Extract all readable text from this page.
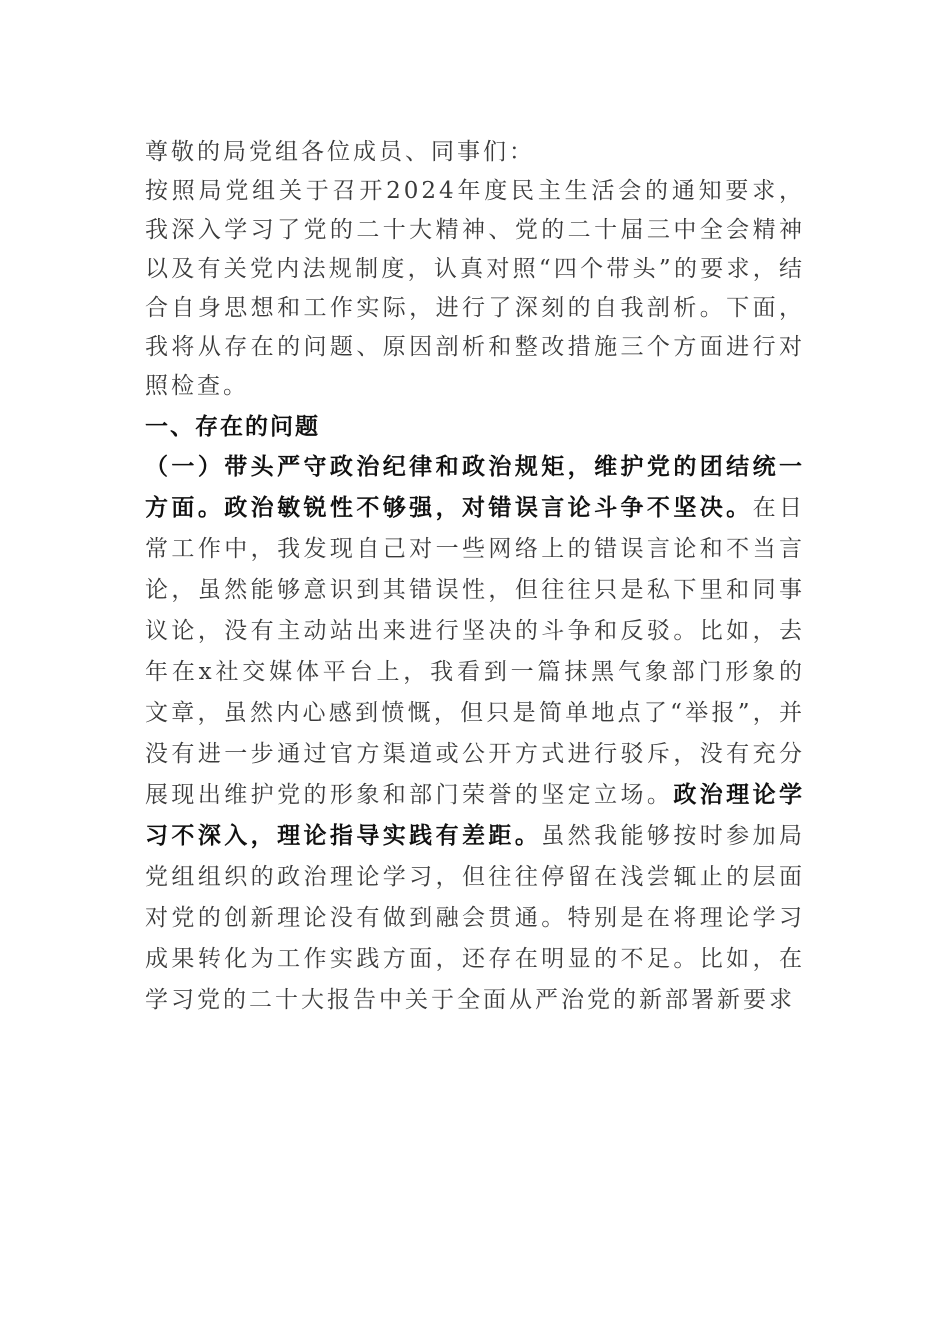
尊敬的局党组各位成员、同事们：

按照局党组关于召开2024年度民主生活会的通知要求，我深入学习了党的二十大精神、党的二十届三中全会精神以及有关党内法规制度，认真对照“四个带头”的要求，结合自身思想和工作实际，进行了深刻的自我剖析。下面，我将从存在的问题、原因剖析和整改措施三个方面进行对照检查。

一、存在的问题

（一）带头严守政治纪律和政治规矩，维护党的团结统一方面。政治敏锐性不够强，对错误言论斗争不坚决。在日常工作中，我发现自己对一些网络上的错误言论和不当言论，虽然能够意识到其错误性，但往往只是私下里和同事议论，没有主动站出来进行坚决的斗争和反驳。比如，去年在x社交媒体平台上，我看到一篇抹黑气象部门形象的文章，虽然内心感到愤慨，但只是简单地点了“举报”，并没有进一步通过官方渠道或公开方式进行驳斥，没有充分展现出维护党的形象和部门荣誉的坚定立场。政治理论学习不深入，理论指导实践有差距。虽然我能够按时参加局党组组织的政治理论学习，但往往停留在浅尝辄止的层面对党的创新理论没有做到融会贯通。特别是在将理论学习成果转化为工作实践方面，还存在明显的不足。比如，在学习党的二十大报告中关于全面从严治党的新部署新要求
